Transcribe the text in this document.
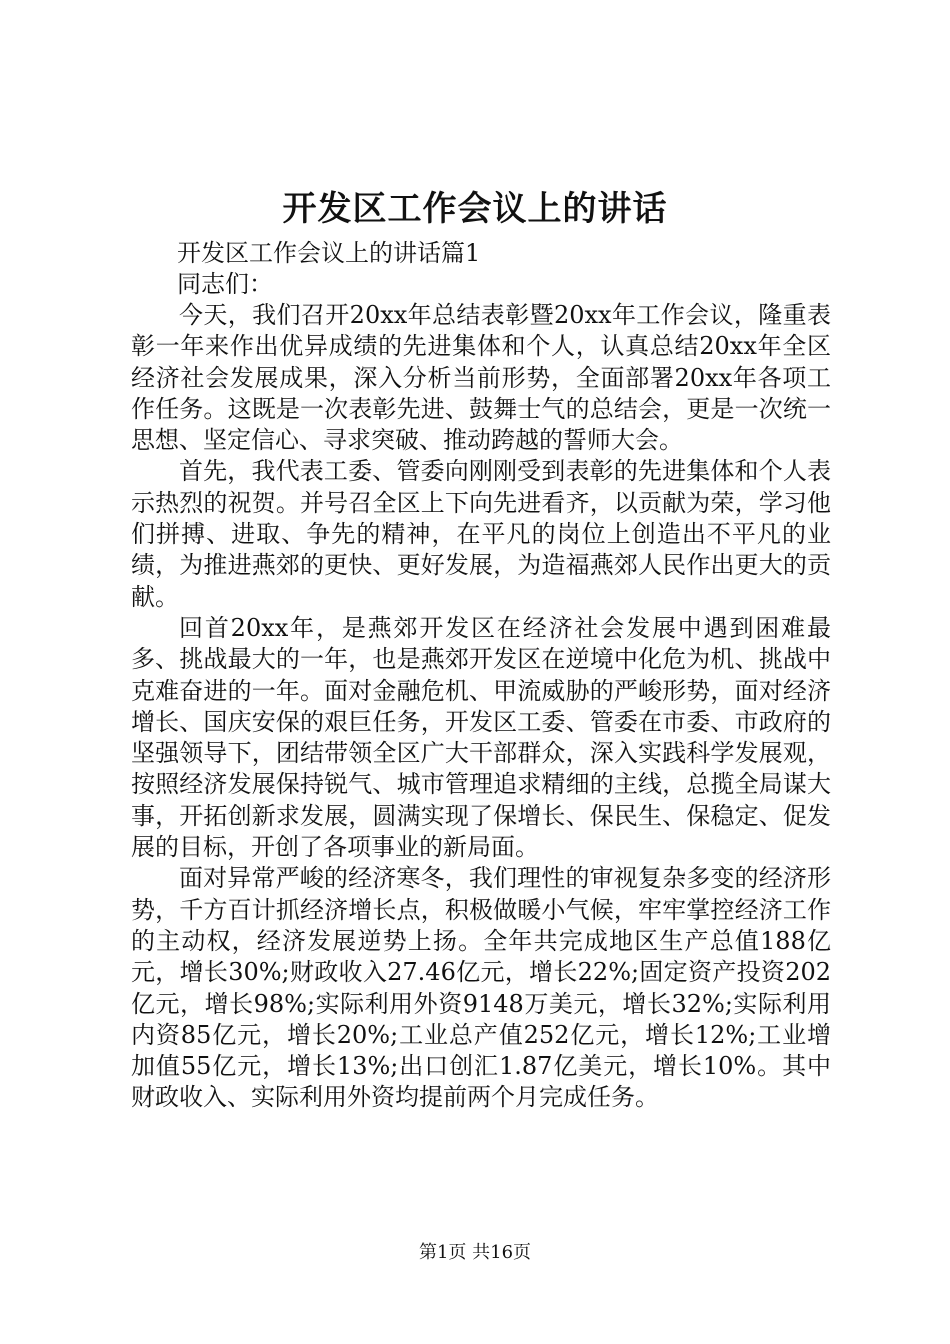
开发区工作会议上的讲话

开发区工作会议上的讲话篇1

同志们：

今天，我们召开20xx年总结表彰暨20xx年工作会议，隆重表彰一年来作出优异成绩的先进集体和个人，认真总结20xx年全区经济社会发展成果，深入分析当前形势，全面部署20xx年各项工作任务。这既是一次表彰先进、鼓舞士气的总结会，更是一次统一思想、坚定信心、寻求突破、推动跨越的誓师大会。

首先，我代表工委、管委向刚刚受到表彰的先进集体和个人表示热烈的祝贺。并号召全区上下向先进看齐，以贡献为荣，学习他们拼搏、进取、争先的精神，在平凡的岗位上创造出不平凡的业绩，为推进燕郊的更快、更好发展，为造福燕郊人民作出更大的贡献。

回首20xx年，是燕郊开发区在经济社会发展中遇到困难最多、挑战最大的一年，也是燕郊开发区在逆境中化危为机、挑战中克难奋进的一年。面对金融危机、甲流威胁的严峻形势，面对经济增长、国庆安保的艰巨任务，开发区工委、管委在市委、市政府的坚强领导下，团结带领全区广大干部群众，深入实践科学发展观，按照经济发展保持锐气、城市管理追求精细的主线，总揽全局谋大事，开拓创新求发展，圆满实现了保增长、保民生、保稳定、促发展的目标，开创了各项事业的新局面。

面对异常严峻的经济寒冬，我们理性的审视复杂多变的经济形势，千方百计抓经济增长点，积极做暖小气候，牢牢掌控经济工作的主动权，经济发展逆势上扬。全年共完成地区生产总值188亿元，增长30%;财政收入27.46亿元，增长22%;固定资产投资202亿元，增长98%;实际利用外资9148万美元，增长32%;实际利用内资85亿元，增长20%;工业总产值252亿元，增长12%;工业增加值55亿元，增长13%;出口创汇1.87亿美元，增长10%。其中财政收入、实际利用外资均提前两个月完成任务。

第1页 共16页
